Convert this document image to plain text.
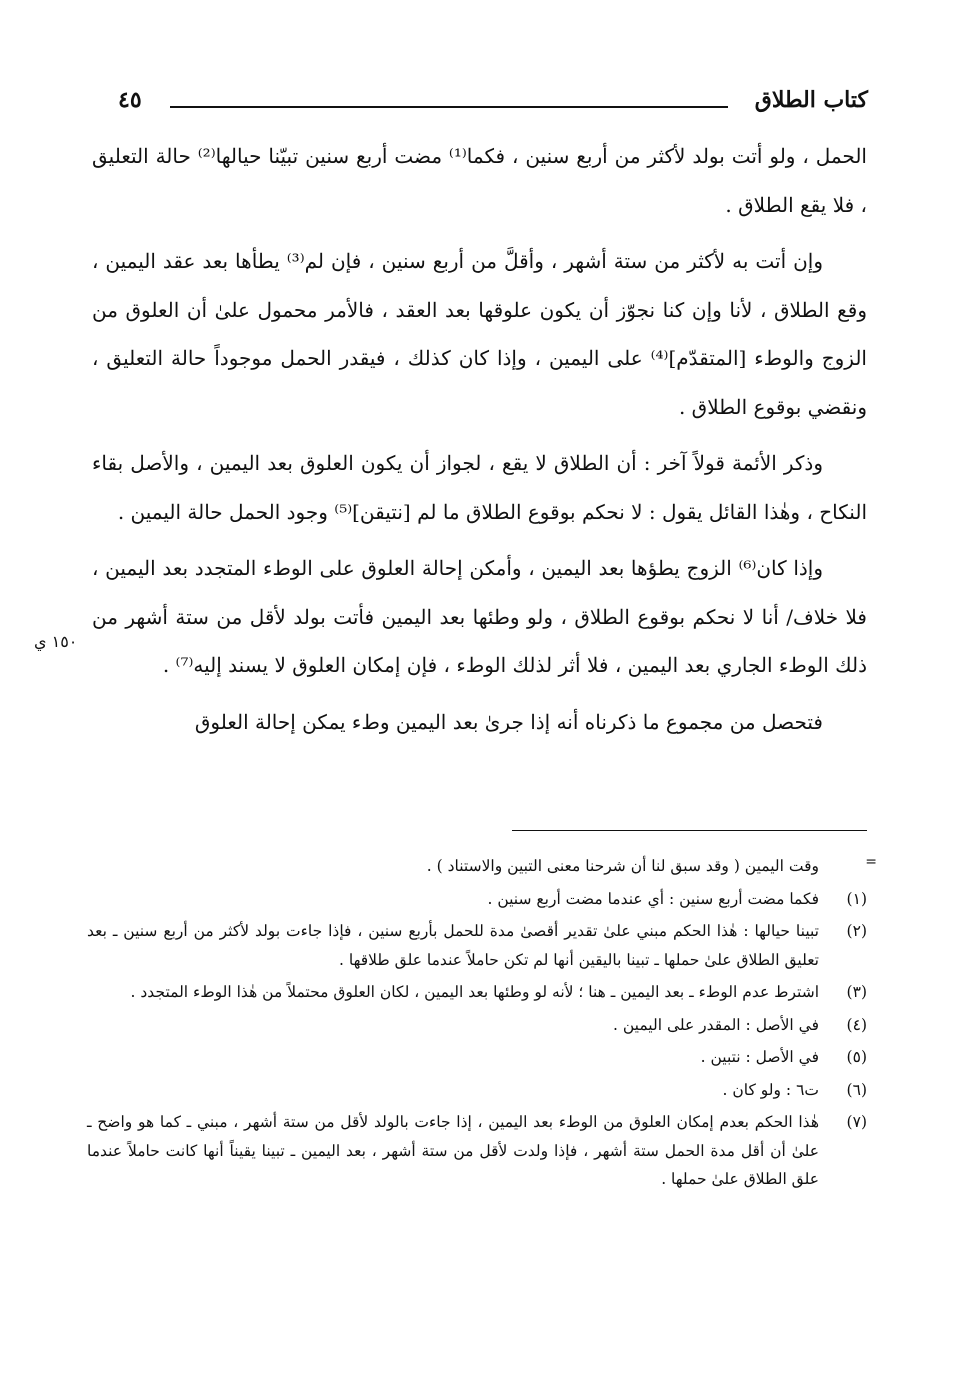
كتاب الطلاق
٤٥
١٥٠ ي

الحمل ، ولو أتت بولد لأكثر من أربع سنين ، فكما⁽¹⁾ مضت أربع سنين تبيّنا حيالها⁽²⁾ حالة التعليق ، فلا يقع الطلاق .

وإن أتت به لأكثر من ستة أشهر ، وأقلَّ من أربع سنين ، فإن لم⁽³⁾ يطأها بعد عقد اليمين ، وقع الطلاق ، لأنا وإن كنا نجوّز أن يكون علوقها بعد العقد ، فالأمر محمول علىٰ أن العلوق من الزوج والوطء [المتقدّم]⁽⁴⁾ على اليمين ، وإذا كان كذلك ، فيقدر الحمل موجوداً حالة التعليق ، ونقضي بوقوع الطلاق .

وذكر الأئمة قولاً آخر : أن الطلاق لا يقع ، لجواز أن يكون العلوق بعد اليمين ، والأصل بقاء النكاح ، وهٰذا القائل يقول : لا نحكم بوقوع الطلاق ما لم [نتيقن]⁽⁵⁾ وجود الحمل حالة اليمين .

وإذا كان⁽⁶⁾ الزوج يطؤها بعد اليمين ، وأمكن إحالة العلوق على الوطء المتجدد بعد اليمين ، فلا خلاف/ أنا لا نحكم بوقوع الطلاق ، ولو وطئها بعد اليمين فأتت بولد لأقل من ستة أشهر من ذلك الوطء الجاري بعد اليمين ، فلا أثر لذلك الوطء ، فإن إمكان العلوق لا يسند إليه⁽⁷⁾ .

فتحصل من مجموع ما ذكرناه أنه إذا جرىٰ بعد اليمين وطء يمكن إحالة العلوق

=
وقت اليمين ( وقد سبق لنا أن شرحنا معنى التبين والاستناد ) .
(١)
فكما مضت أربع سنين : أي عندما مضت أربع سنين .
(٢)
تبينا حيالها : هٰذا الحكم مبني علىٰ تقدير أقصىٰ مدة للحمل بأربع سنين ، فإذا جاءت بولد لأكثر من أربع سنين ـ بعد تعليق الطلاق علىٰ حملها ـ تبينا باليقين أنها لم تكن حاملاً عندما علق طلاقها .
(٣)
اشترط عدم الوطء ـ بعد اليمين ـ هنا ؛ لأنه لو وطئها بعد اليمين ، لكان العلوق محتملاً من هٰذا الوطء المتجدد .
(٤)
في الأصل : المقدر على اليمين .
(٥)
في الأصل : نتبين .
(٦)
ت٦ : ولو كان .
(٧)
هٰذا الحكم بعدم إمكان العلوق من الوطء بعد اليمين ، إذا جاءت بالولد لأقل من ستة أشهر ، مبني ـ كما هو واضح ـ علىٰ أن أقل مدة الحمل ستة أشهر ، فإذا ولدت لأقل من ستة أشهر ، بعد اليمين ـ تبينا يقيناً أنها كانت حاملاً عندما علق الطلاق علىٰ حملها .
